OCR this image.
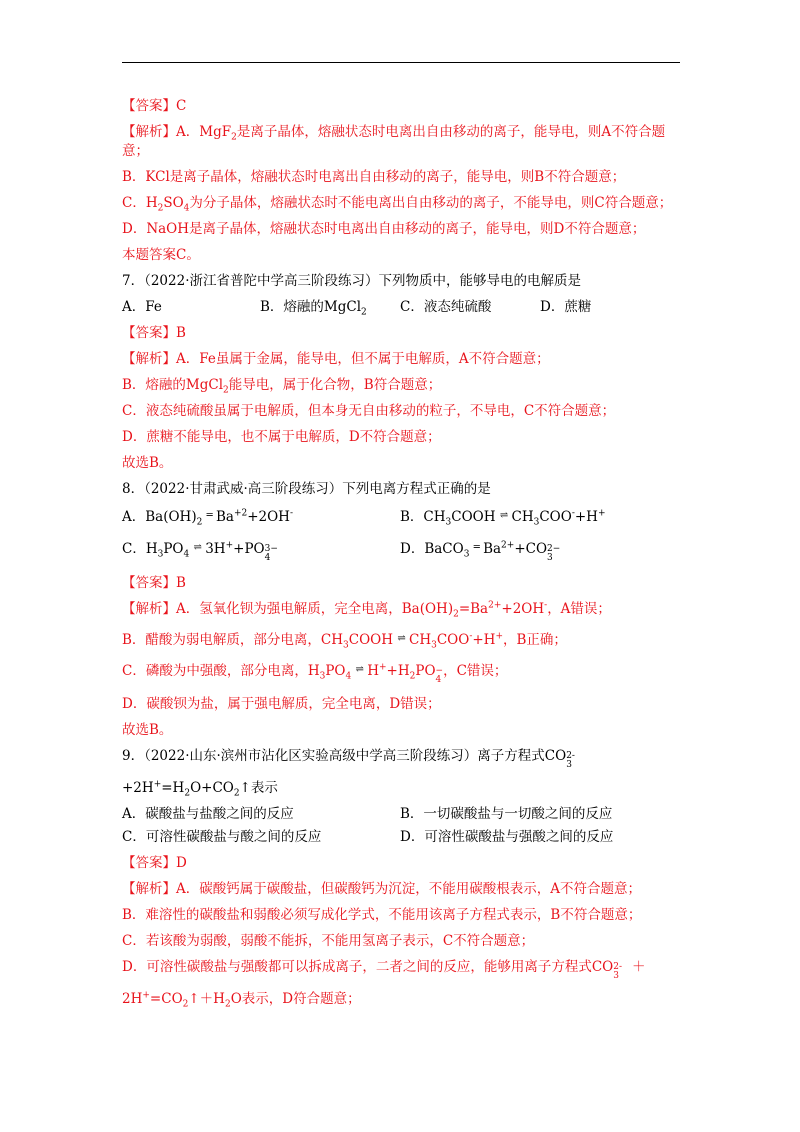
【答案】C
【解析】A．MgF$_2$是离子晶体，熔融状态时电离出自由移动的离子，能导电，则A不符合题意；
B．KCl是离子晶体，熔融状态时电离出自由移动的离子，能导电，则B不符合题意；
C．$H_2SO_4$为分子晶体，熔融状态时不能电离出自由移动的离子，不能导电，则C符合题意；
D．NaOH是离子晶体，熔融状态时电离出自由移动的离子，能导电，则D不符合题意；
本题答案C。
7．（2022·浙江省普陀中学高三阶段练习）下列物质中，能够导电的电解质是
A．Fe	B．熔融的MgCl$_2$	C．液态纯硫酸	D．蔗糖
【答案】B
【解析】A．Fe虽属于金属，能导电，但不属于电解质，A不符合题意；
B．熔融的MgCl$_2$能导电，属于化合物，B符合题意；
C．液态纯硫酸虽属于电解质，但本身无自由移动的粒子，不导电，C不符合题意；
D．蔗糖不能导电，也不属于电解质，D不符合题意；
故选B。
8．（2022·甘肃武威·高三阶段练习）下列电离方程式正确的是
A．$Ba(OH)_2$ ═ $Ba^{+2}+2OH^-$	B．$CH_3COOH$ ⇌ $CH_3COO^-+H^+$
C．$H_3PO_4$ ⇌ 3H++PO3−
4
D．BaCO$_3$ ═ $Ba^{2+}+CO2-$
3
【答案】B
【解析】A．氢氧化钡为强电解质，完全电离，$Ba(OH)_2=Ba^{2+}+2OH^-$，A错误；
B．醋酸为弱电解质，部分电离，$CH_3COOH$ ⇌ $CH_3COO^-+H^+$，B正确；
C．磷酸为中强酸，部分电离，$H_3PO_4$ ⇌ $H^++H_2PO-$
4，C错误；
D．碳酸钡为盐，属于强电解质，完全电离，D错误；
故选B。
9．（2022·山东·滨州市沾化区实验高级中学高三阶段练习）离子方程式CO2-
3
$+2H^+=H_2O+CO_2↑$表示
A．碳酸盐与盐酸之间的反应	B．一切碳酸盐与一切酸之间的反应
C．可溶性碳酸盐与酸之间的反应	D．可溶性碳酸盐与强酸之间的反应
【答案】D
【解析】A．碳酸钙属于碳酸盐，但碳酸钙为沉淀，不能用碳酸根表示，A不符合题意；
B．难溶性的碳酸盐和弱酸必须写成化学式，不能用该离子方程式表示，B不符合题意；
C．若该酸为弱酸，弱酸不能拆，不能用氢离子表示，C不符合题意；
D．可溶性碳酸盐与强酸都可以拆成离子，二者之间的反应，能够用离子方程式CO2-
3＋
$2H^+=CO_2↑+H_2O$表示，D符合题意；
